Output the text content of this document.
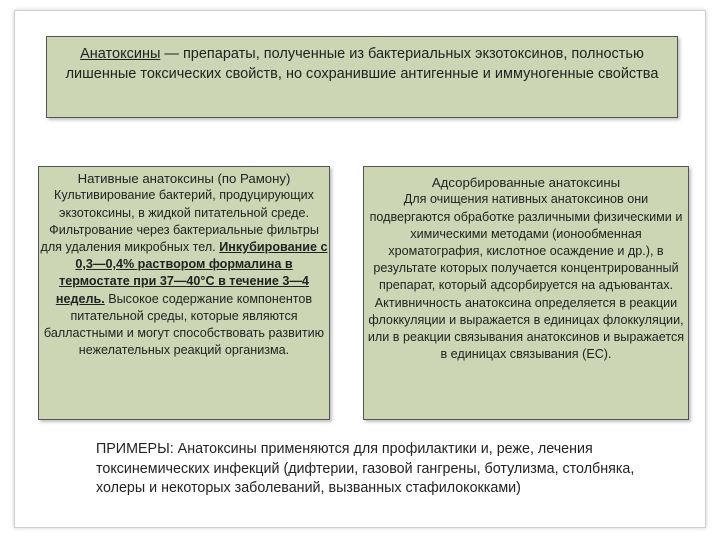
Анатоксины — препараты, полученные из бактериальных экзотоксинов, полностью лишенные токсических свойств, но сохранившие антигенные и иммуногенные свойства
Нативные анатоксины (по Рамону)
Культивирование бактерий, продуцирующих экзотоксины, в жидкой питательной среде. Фильтрование через бактериальные фильтры для удаления микробных тел. Инкубирование с 0,3—0,4% раствором формалина в термостате при 37—40°С в течение 3—4 недель. Высокое содержание компонентов питательной среды, которые являются балластными и могут способствовать развитию нежелательных реакций организма.
Адсорбированные анатоксины
Для очищения нативных анатоксинов они подвергаются обработке различными физическими и химическими методами (ионообменная хроматография, кислотное осаждение и др.), в результате которых получается концентрированный препарат, который адсорбируется на адъювантах. Активничность анатоксина определяется в реакции флоккуляции и выражается в единицах флоккуляции, или в реакции связывания анатоксинов и выражается в единицах связывания (ЕС).
ПРИМЕРЫ: Анатоксины применяются для профилактики и, реже, лечения токсинемических инфекций (дифтерии, газовой гангрены, ботулизма, столбняка, холеры и некоторых заболеваний, вызванных стафилококками)
